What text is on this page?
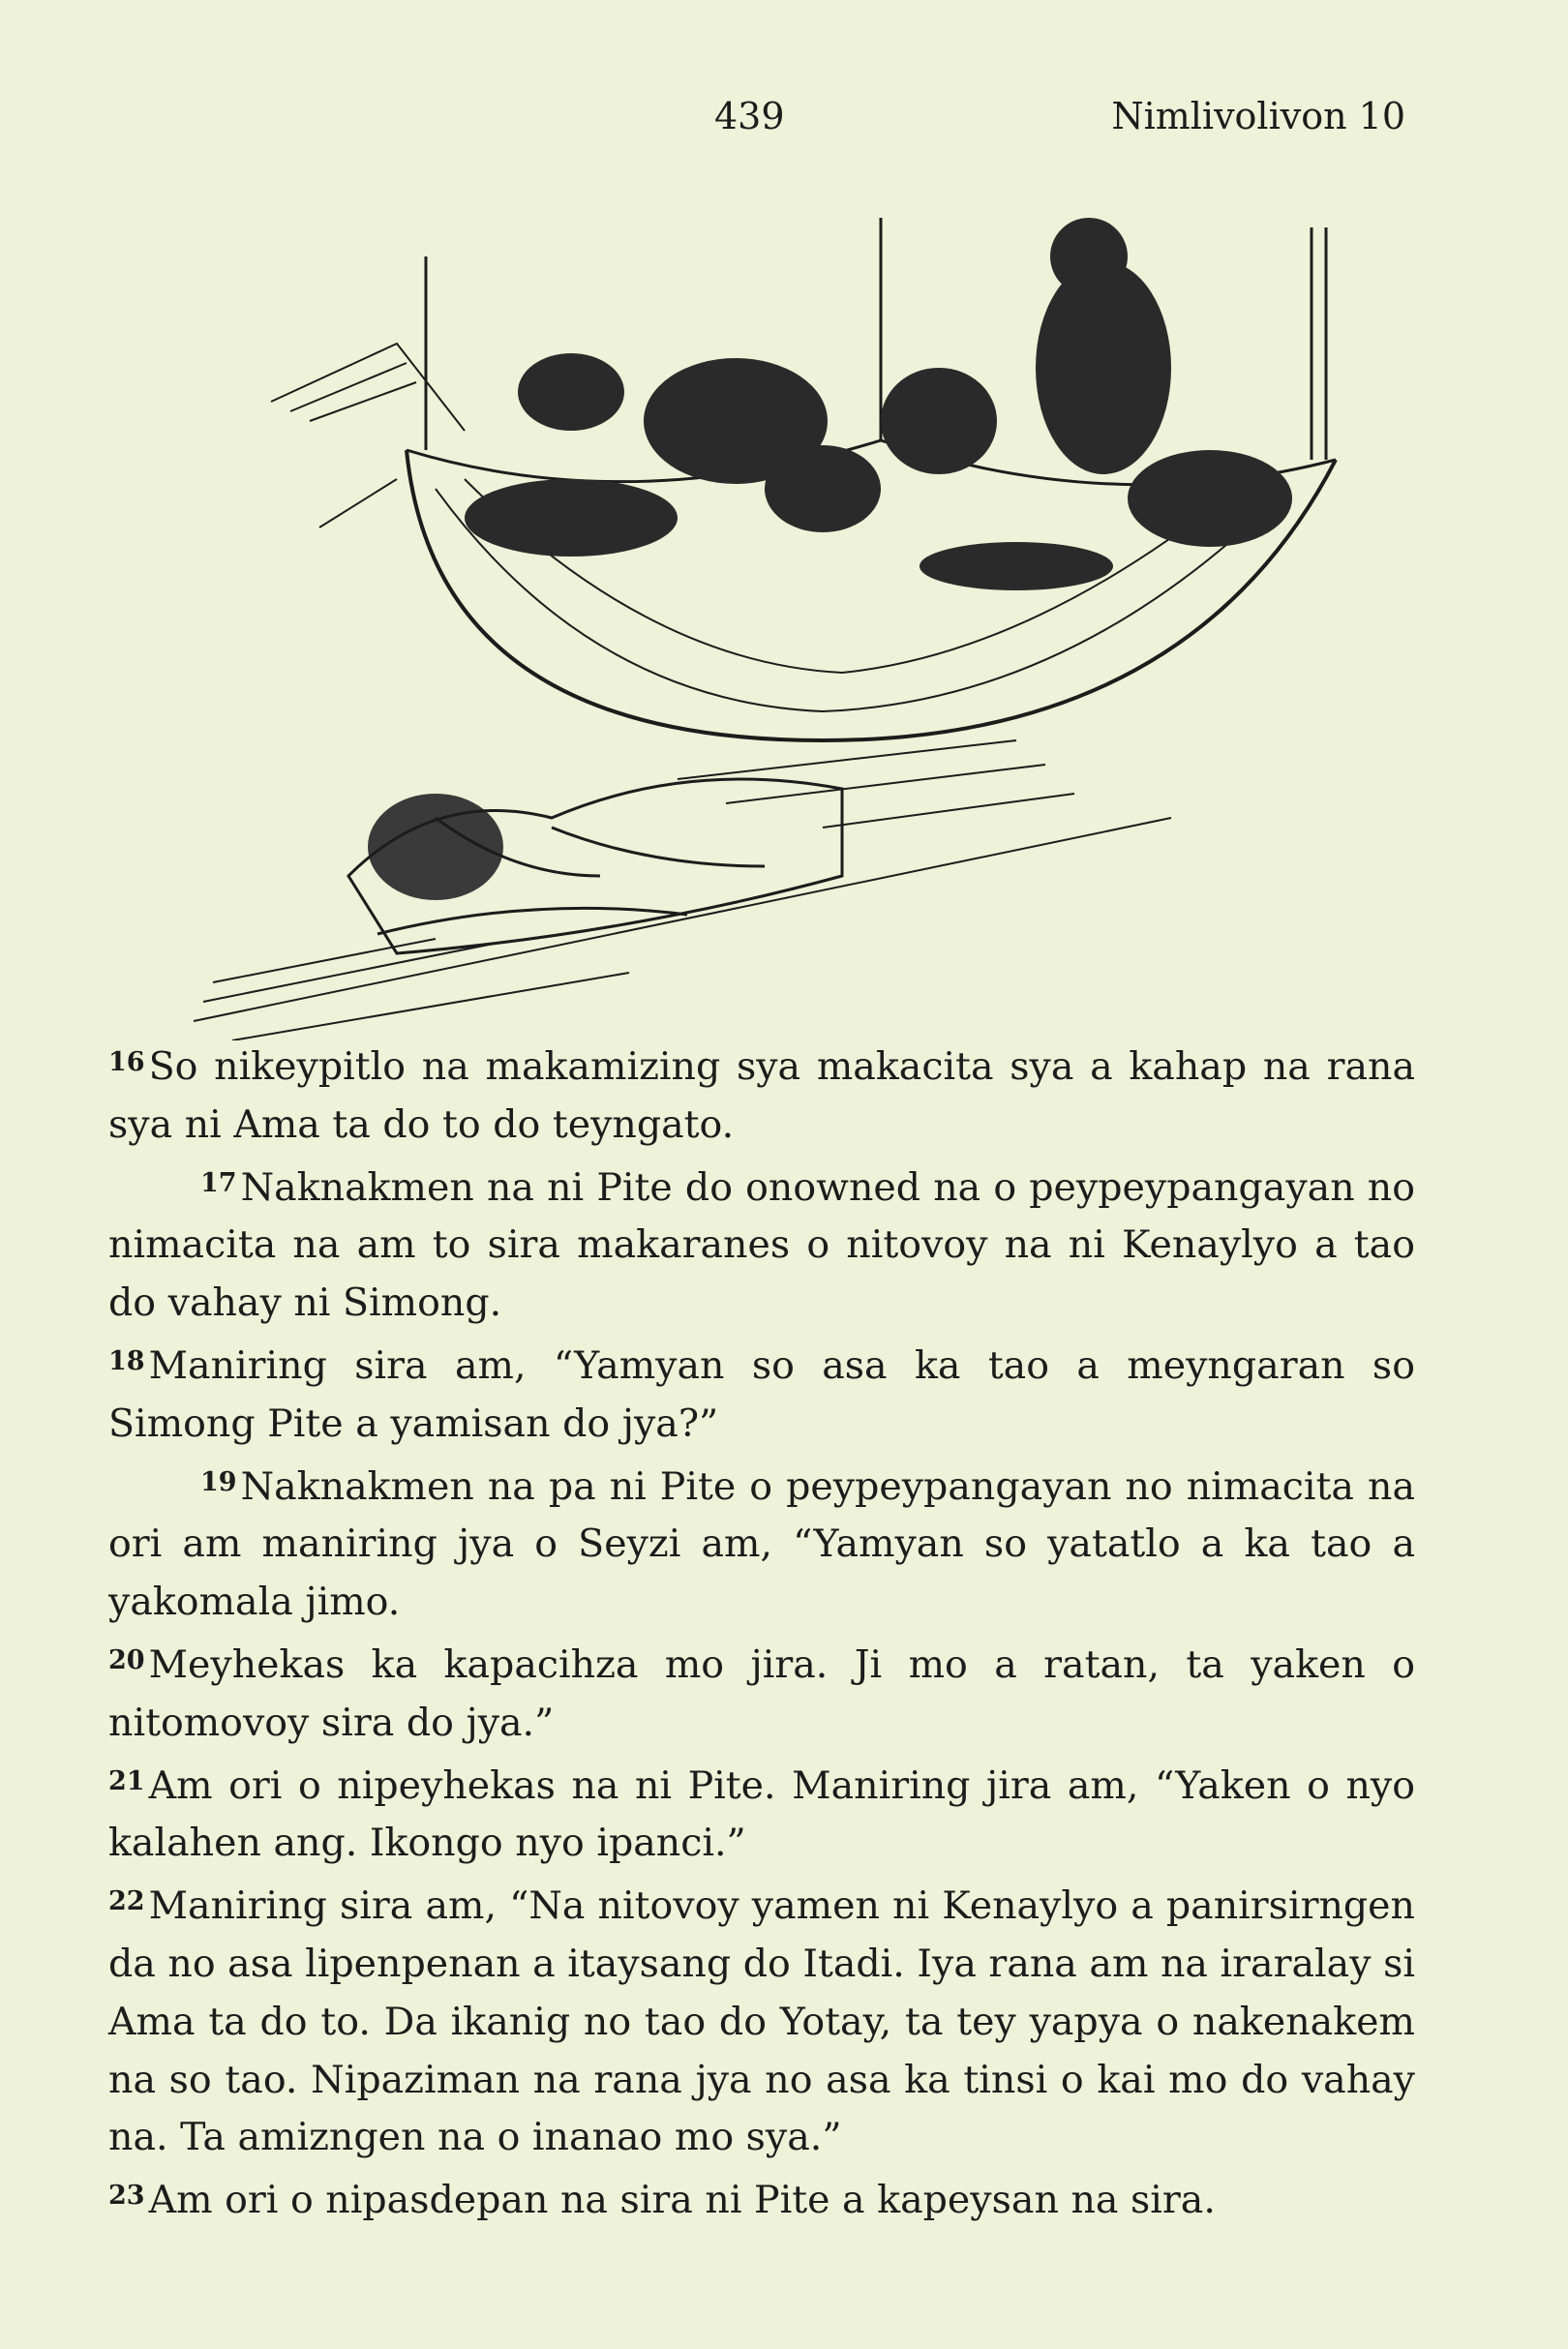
439	Nimlivolivon 10

$^{16}$ So nikeypitlo na makamizing sya makacita sya a kahap na rana sya ni Ama ta do to do teyngato.

$^{17}$ Naknakmen na ni Pite do onowned na o peypeypangayan no nimacita na am to sira makaranes o nitovoy na ni Kenaylyo a tao do vahay ni Simong.

$^{18}$ Maniring sira am, “Yamyan so asa ka tao a meyngaran so Simong Pite a yamisan do jya?”

$^{19}$ Naknakmen na pa ni Pite o peypeypangayan no nimacita na ori am maniring jya o Seyzi am, “Yamyan so yatatlo a ka tao a yakomala jimo.

$^{20}$ Meyhekas ka kapacihza mo jira. Ji mo a ratan, ta yaken o nitomovoy sira do jya.”

$^{21}$ Am ori o nipeyhekas na ni Pite. Maniring jira am, “Yaken o nyo kalahen ang. Ikongo nyo ipanci.”

$^{22}$ Maniring sira am, “Na nitovoy yamen ni Kenaylyo a panirsirngen da no asa lipenpenan a itaysang do Itadi. Iya rana am na iraralay si Ama ta do to. Da ikanig no tao do Yotay, ta tey yapya o nakenakem na so tao. Nipaziman na rana jya no asa ka tinsi o kai mo do vahay na. Ta amizngen na o inanao mo sya.”

$^{23}$ Am ori o nipasdepan na sira ni Pite a kapeysan na sira.
